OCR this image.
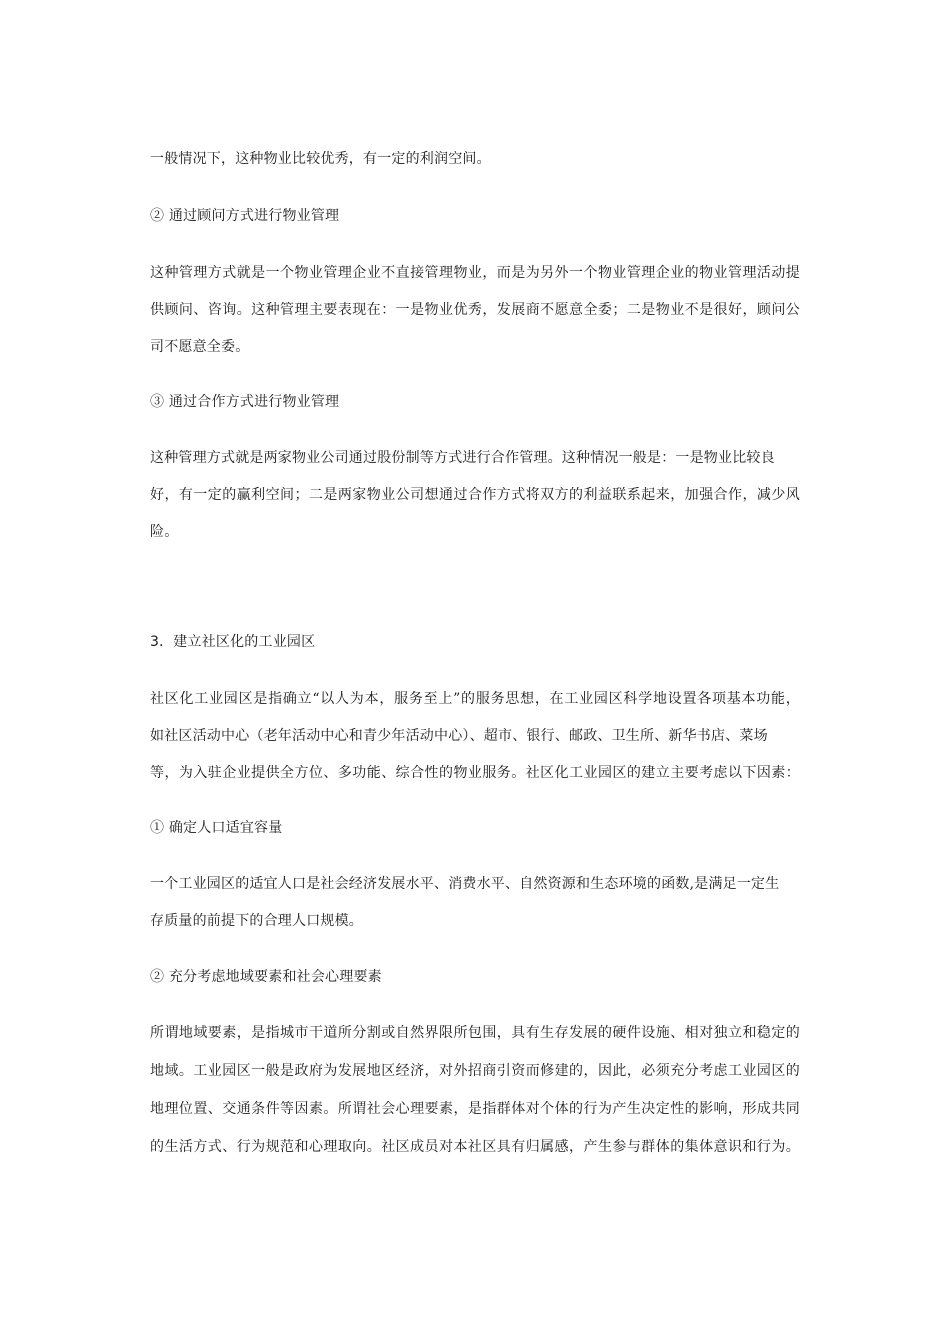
一般情况下，这种物业比较优秀，有一定的利润空间。
② 通过顾问方式进行物业管理
这种管理方式就是一个物业管理企业不直接管理物业，而是为另外一个物业管理企业的物业管理活动提
供顾问、咨询。这种管理主要表现在：一是物业优秀，发展商不愿意全委；二是物业不是很好，顾问公
司不愿意全委。
③ 通过合作方式进行物业管理
这种管理方式就是两家物业公司通过股份制等方式进行合作管理。这种情况一般是：一是物业比较良
好，有一定的赢利空间；二是两家物业公司想通过合作方式将双方的利益联系起来，加强合作，减少风
险。
3．建立社区化的工业园区
社区化工业园区是指确立“以人为本，服务至上”的服务思想，在工业园区科学地设置各项基本功能，
如社区活动中心（老年活动中心和青少年活动中心）、超市、银行、邮政、卫生所、新华书店、菜场
等，为入驻企业提供全方位、多功能、综合性的物业服务。社区化工业园区的建立主要考虑以下因素：
① 确定人口适宜容量
一个工业园区的适宜人口是社会经济发展水平、消费水平、自然资源和生态环境的函数,是满足一定生
存质量的前提下的合理人口规模。
② 充分考虑地域要素和社会心理要素
所谓地域要素，是指城市干道所分割或自然界限所包围，具有生存发展的硬件设施、相对独立和稳定的
地域。工业园区一般是政府为发展地区经济，对外招商引资而修建的，因此，必须充分考虑工业园区的
地理位置、交通条件等因素。所谓社会心理要素，是指群体对个体的行为产生决定性的影响，形成共同
的生活方式、行为规范和心理取向。社区成员对本社区具有归属感，产生参与群体的集体意识和行为。
